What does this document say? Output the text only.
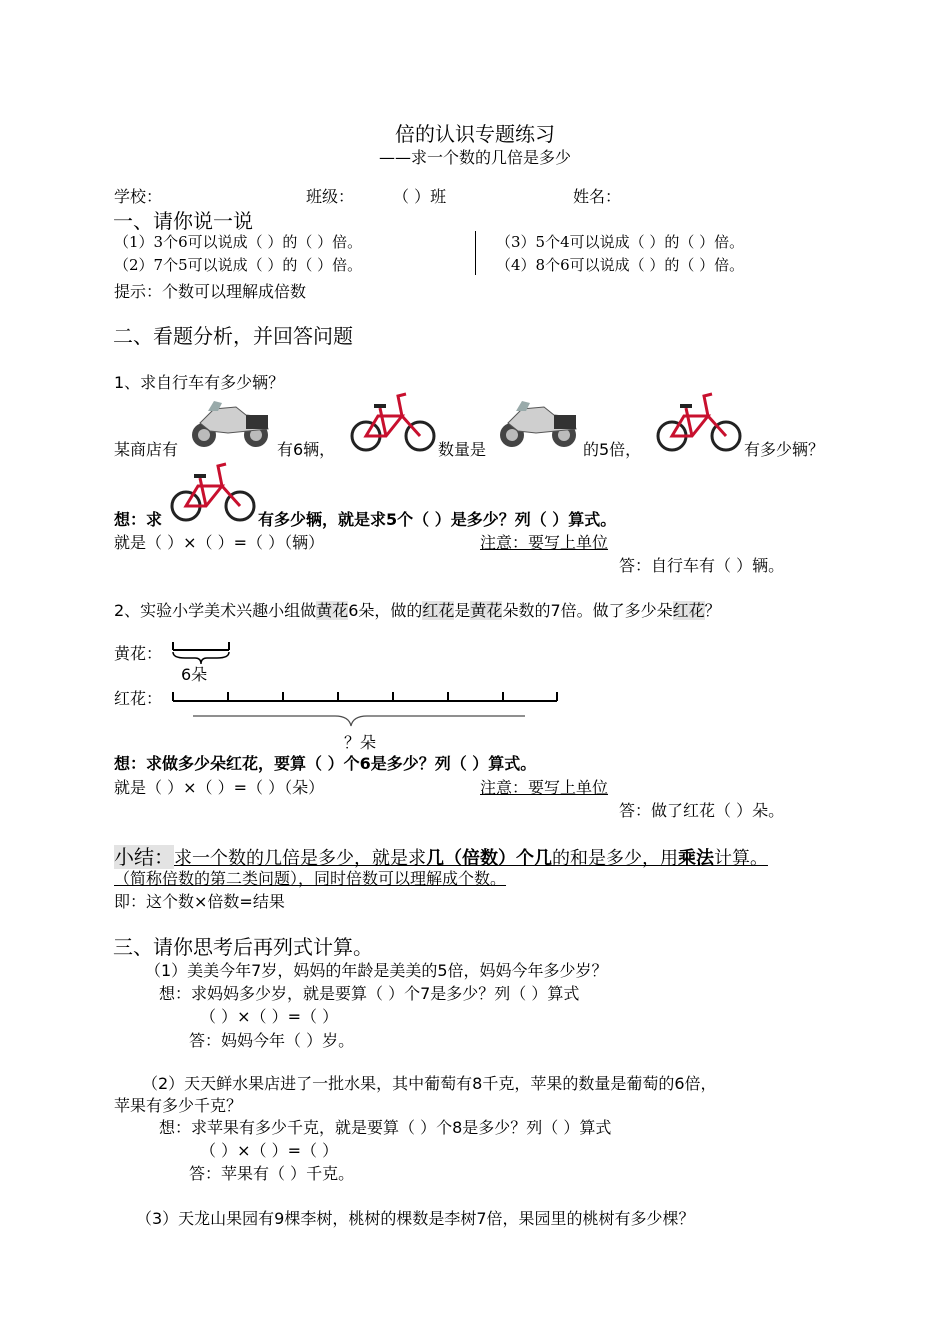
倍的认识专题练习
——求一个数的几倍是多少
学校：	班级： （ ）班	姓名：
一、请你说一说
（1）3个6可以说成（ ）的（ ）倍。	（3）5个4可以说成（ ）的（ ）倍。
（2）7个5可以说成（ ）的（ ）倍。	（4）8个6可以说成（ ）的（ ）倍。
提示：个数可以理解成倍数
二、看题分析，并回答问题
1、求自行车有多少辆？
某商店有	有6辆，	数量是	的5倍，	有多少辆？
想：求	有多少辆，就是求5个（ ）是多少？列（ ）算式。
就是（ ）×（ ）=（ ）（辆）	注意：要写上单位
答：自行车有（ ）辆。
2、实验小学美术兴趣小组做黄花6朵，做的红花是黄花朵数的7倍。做了多少朵红花？
黄花：
6朵
红花：
？朵
想：求做多少朵红花，要算（ ）个6是多少？列（ ）算式。
就是（ ）×（ ）=（ ）（朵）	注意：要写上单位
答：做了红花（ ）朵。
小结：求一个数的几倍是多少，就是求几（倍数）个几的和是多少，用乘法计算。
（简称倍数的第二类问题），同时倍数可以理解成个数。
即：这个数×倍数=结果
三、请你思考后再列式计算。
（1）美美今年7岁，妈妈的年龄是美美的5倍，妈妈今年多少岁？
想：求妈妈多少岁，就是要算（ ）个7是多少？列（ ）算式
（ ）×（ ）=（ ）
答：妈妈今年（ ）岁。
（2）天天鲜水果店进了一批水果，其中葡萄有8千克，苹果的数量是葡萄的6倍，
苹果有多少千克？
想：求苹果有多少千克，就是要算（ ）个8是多少？列（ ）算式
（ ）×（ ）=（ ）
答：苹果有（ ）千克。
（3）天龙山果园有9棵李树，桃树的棵数是李树7倍，果园里的桃树有多少棵？
